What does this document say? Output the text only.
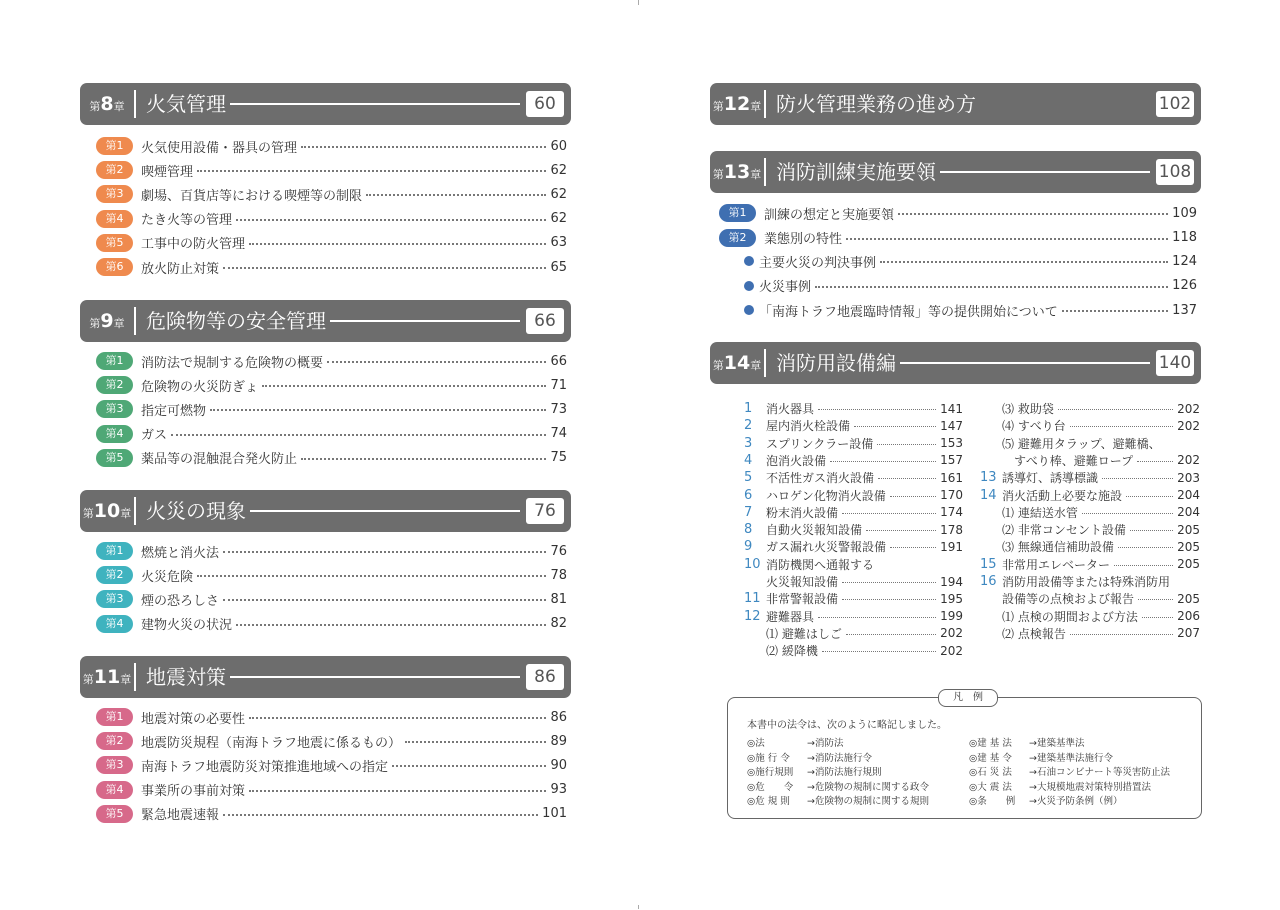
第8章	火気管理	60
第9章	危険物等の安全管理	66
第10章 火災の現象	76
第11章 地震対策	86
第12章 防火管理業務の進め方	102
第13章 消防訓練実施要領	108
第14章 消防用設備編	140
凡　例
本書中の法令は、次のように略記しました。
◎法	→消防法
◎施 行 令 →消防法施行令
◎施行規則 →消防法施行規則
◎危　　令 →危険物の規制に関する政令
◎危 規 則 →危険物の規制に関する規則
◎建 基 法 →建築基準法
◎建 基 令 →建築基準法施行令
◎石 災 法 →石油コンビナート等災害防止法
◎大 震 法 →大規模地震対策特別措置法
◎条　　例 →火災予防条例（例）
第1	火気使用設備・器具の管理	60
第2	喫煙管理	62
第3	劇場、百貨店等における喫煙等の制限	62
第4	たき火等の管理	62
第5	工事中の防火管理	63
第6	放火防止対策	65
第1	消防法で規制する危険物の概要	66
第2	危険物の火災防ぎょ	71
第3	指定可燃物	73
第4	ガス	74
第5	薬品等の混触混合発火防止	75
第1	燃焼と消火法	76
第2	火災危険	78
第3	煙の恐ろしさ	81
第4	建物火災の状況	82
第1	地震対策の必要性	86
第2	地震防災規程（南海トラフ地震に係るもの）	89
第3	南海トラフ地震防災対策推進地域への指定	90
第4	事業所の事前対策	93
第5	緊急地震速報	101
第1	訓練の想定と実施要領	109
第2	業態別の特性	118
主要火災の判決事例	124
火災事例	126
「南海トラフ地震臨時情報」等の提供開始について	137
1	消火器具	141
2	屋内消火栓設備	147
3	スプリンクラー設備	153
4	泡消火設備	157
5	不活性ガス消火設備	161
6	ハロゲン化物消火設備	170
7	粉末消火設備	174
8	自動火災報知設備	178
9	ガス漏れ火災警報設備	191
10 消防機関へ通報する
火災報知設備	194
11 非常警報設備	195
12 避難器具	199
⑴ 避難はしご	202
⑵ 緩降機	202
⑶ 救助袋	202
⑷ すべり台	202
⑸ 避難用タラップ、避難橋、
　すべり棒、避難ロープ	202
13 誘導灯、誘導標識	203
14 消火活動上必要な施設	204
⑴ 連結送水管	204
⑵ 非常コンセント設備	205
⑶ 無線通信補助設備	205
15 非常用エレベーター	205
16 消防用設備等または特殊消防用
設備等の点検および報告	205
⑴ 点検の期間および方法	206
⑵ 点検報告	207
